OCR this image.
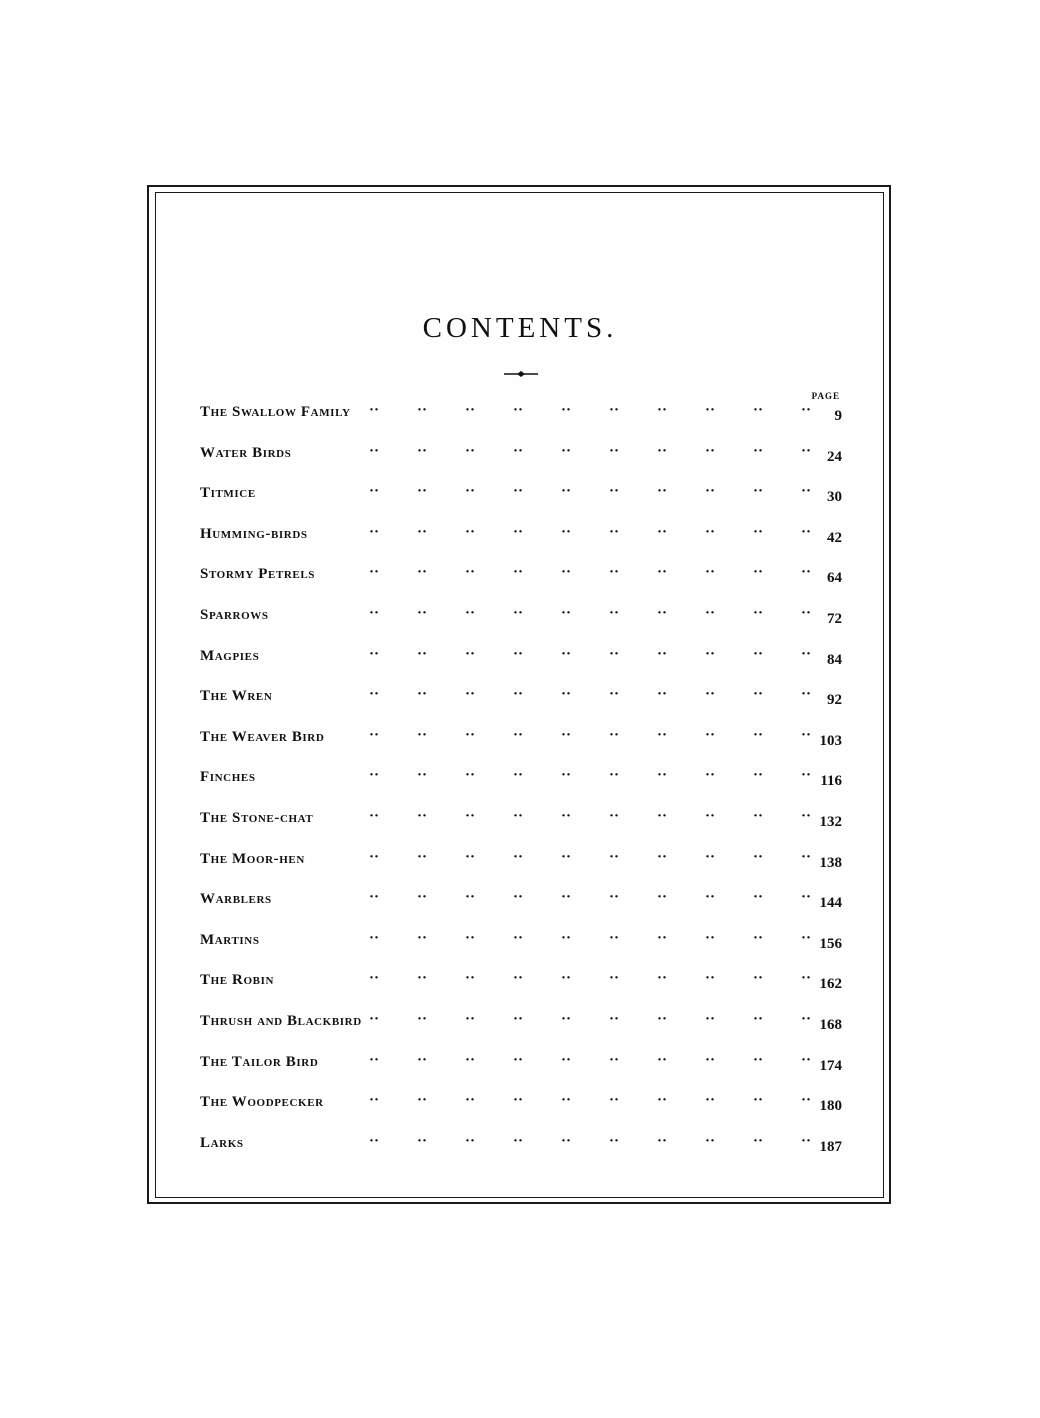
CONTENTS.
PAGE
··	··	··	··	··	··	··	··	··	··
The Swallow Family	9
··	··	··	··	··	··	··	··	··	··
Water Birds	24
··	··	··	··	··	··	··	··	··	··
Titmice	30
··	··	··	··	··	··	··	··	··	··
Humming-birds	42
··	··	··	··	··	··	··	··	··	··
Stormy Petrels	64
··	··	··	··	··	··	··	··	··	··
Sparrows	72
··	··	··	··	··	··	··	··	··	··
Magpies	84
··	··	··	··	··	··	··	··	··	··
The Wren	92
··	··	··	··	··	··	··	··	··	··
The Weaver Bird	103
··	··	··	··	··	··	··	··	··	··
Finches	116
··	··	··	··	··	··	··	··	··	··
The Stone-chat	132
··	··	··	··	··	··	··	··	··	··
The Moor-hen	138
··	··	··	··	··	··	··	··	··	··
Warblers	144
··	··	··	··	··	··	··	··	··	··
Martins	156
··	··	··	··	··	··	··	··	··	··
The Robin	162
··	··	··	··	··	··	··	··	··	··
Thrush and Blackbird	168
··	··	··	··	··	··	··	··	··	··
The Tailor Bird	174
··	··	··	··	··	··	··	··	··	··
The Woodpecker	180
··	··	··	··	··	··	··	··	··	··
Larks	187
